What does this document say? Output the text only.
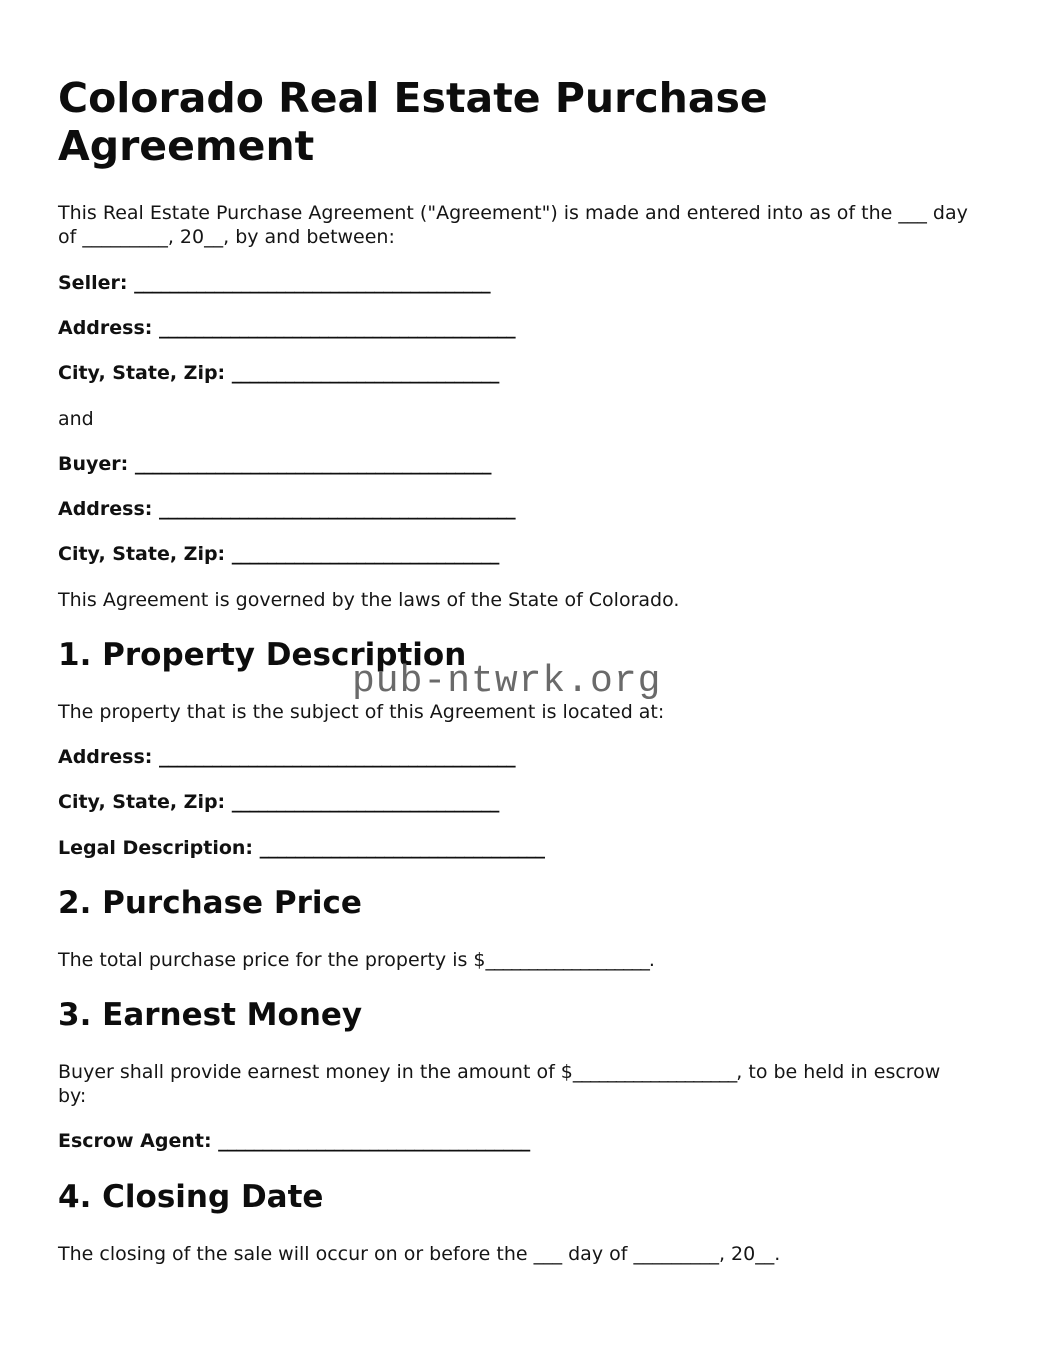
Colorado Real Estate Purchase Agreement

This Real Estate Purchase Agreement ("Agreement") is made and entered into as of the ___ day of _________, 20__, by and between:

Seller: ________________________________________

Address: ________________________________________

City, State, Zip: ______________________________

and

Buyer: ________________________________________

Address: ________________________________________

City, State, Zip: ______________________________

This Agreement is governed by the laws of the State of Colorado.

1. Property Description

The property that is the subject of this Agreement is located at:

Address: ________________________________________

City, State, Zip: ______________________________

Legal Description: ________________________________

2. Purchase Price

The total purchase price for the property is $___________________.

3. Earnest Money

Buyer shall provide earnest money in the amount of $___________________, to be held in escrow by:

Escrow Agent: ___________________________________

4. Closing Date

The closing of the sale will occur on or before the ___ day of _________, 20__.

pub-ntwrk.org
